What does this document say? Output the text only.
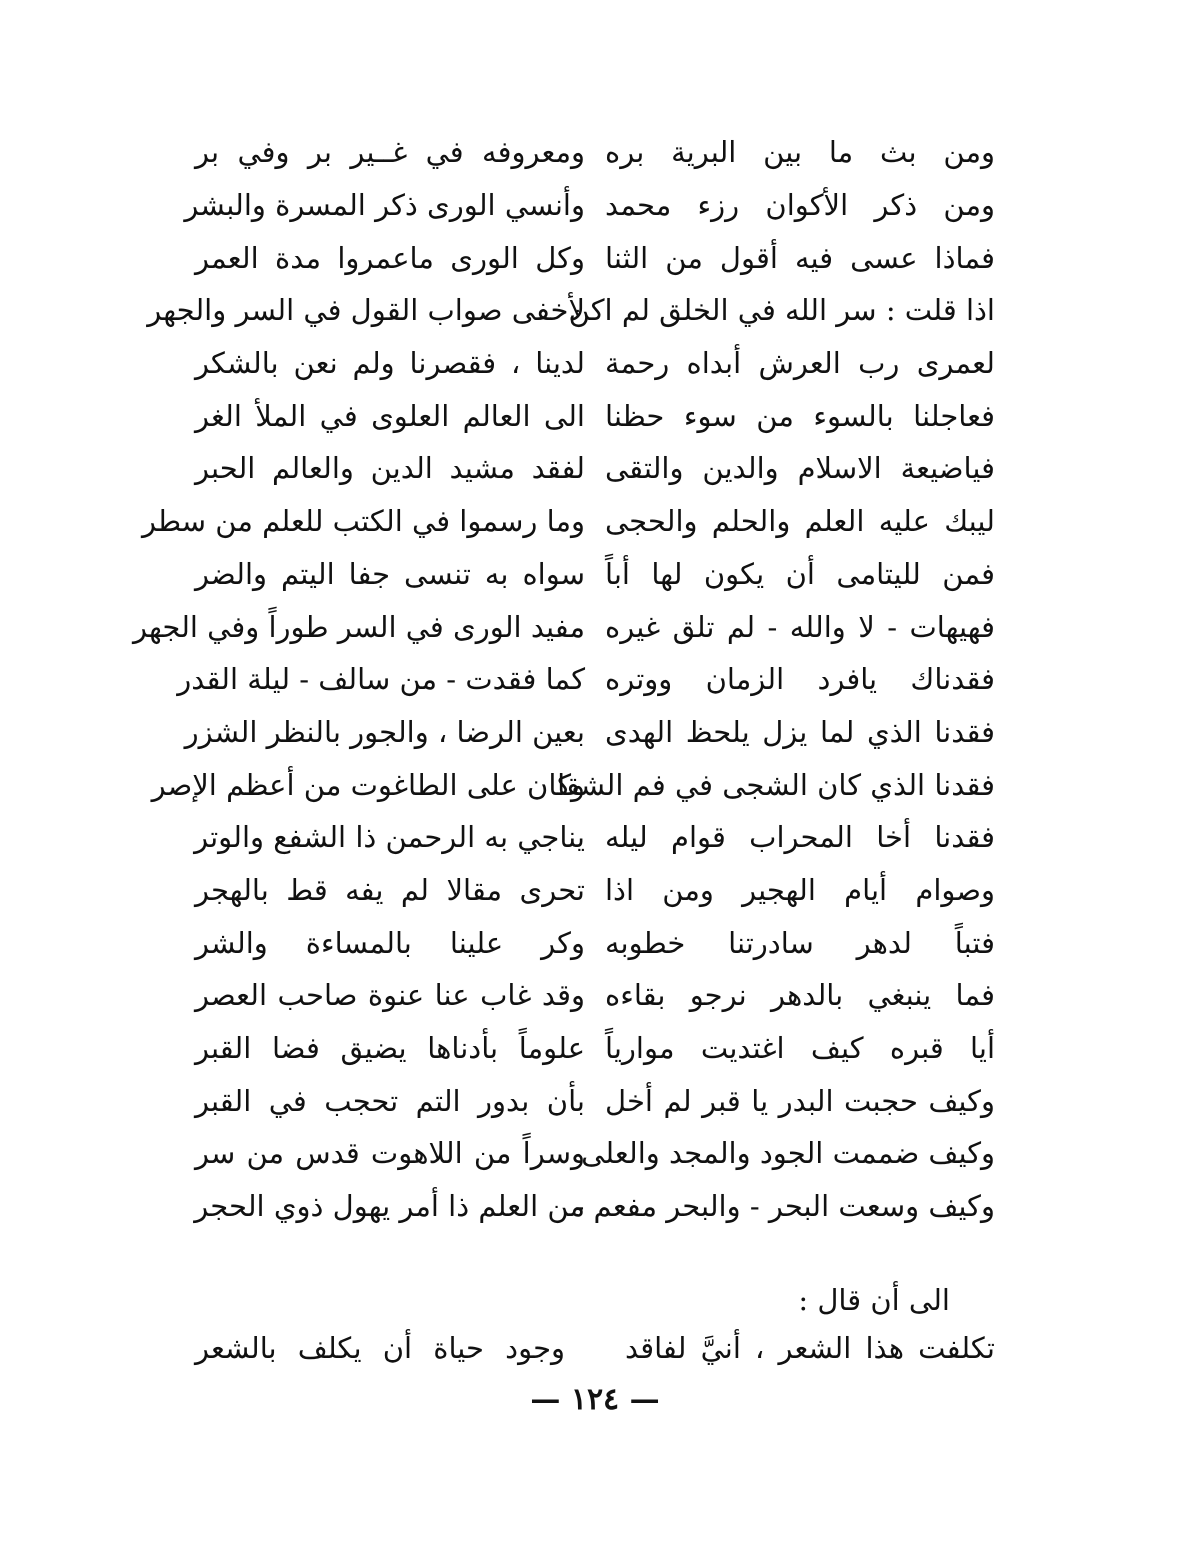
ومن بث ما بين البرية بره
ومعروفه في غــير بر وفي بر
ومن ذكر الأكوان رزء محمد
وأنسي الورى ذكر المسرة والبشر
فماذا عسى فيه أقول من الثنا
وكل الورى ماعمروا مدة العمر
اذا قلت : سر الله في الخلق لم اكن
لأخفى صواب القول في السر والجهر
لعمرى رب العرش أبداه رحمة
لدينا ، فقصرنا ولم نعن بالشكر
فعاجلنا بالسوء من سوء حظنا
الى العالم العلوى في الملأ الغر
فياضيعة الاسلام والدين والتقى
لفقد مشيد الدين والعالم الحبر
ليبك عليه العلم والحلم والحجى
وما رسموا في الكتب للعلم من سطر
فمن لليتامى أن يكون لها أباً
سواه به تنسى جفا اليتم والضر
فهيهات - لا والله - لم تلق غيره
مفيد الورى في السر طوراً وفي الجهر
فقدناك يافرد الزمان ووتره
كما فقدت - من سالف - ليلة القدر
فقدنا الذي لما يزل يلحظ الهدى
بعين الرضا ، والجور بالنظر الشزر
فقدنا الذي كان الشجى في فم الشقا
وكان على الطاغوت من أعظم الإصر
فقدنا أخا المحراب قوام ليله
يناجي به الرحمن ذا الشفع والوتر
وصوام أيام الهجير ومن اذا
تحرى مقالا لم يفه قط بالهجر
فتباً لدهر سادرتنا خطوبه
وكر علينا بالمساءة والشر
فما ينبغي بالدهر نرجو بقاءه
وقد غاب عنا عنوة صاحب العصر
أيا قبره كيف اغتديت موارياً
علوماً بأدناها يضيق فضا القبر
وكيف حجبت البدر يا قبر لم أخل
بأن بدور التم تحجب في القبر
وكيف ضممت الجود والمجد والعلى
وسراً من اللاهوت قدس من سر
وكيف وسعت البحر - والبحر مفعم -
من العلم ذا أمر يهول ذوي الحجر
الى أن قال :
تكلفت هذا الشعر ، أنيَّ لفاقد
وجود حياة أن يكلف بالشعر
— ١٢٤ —
